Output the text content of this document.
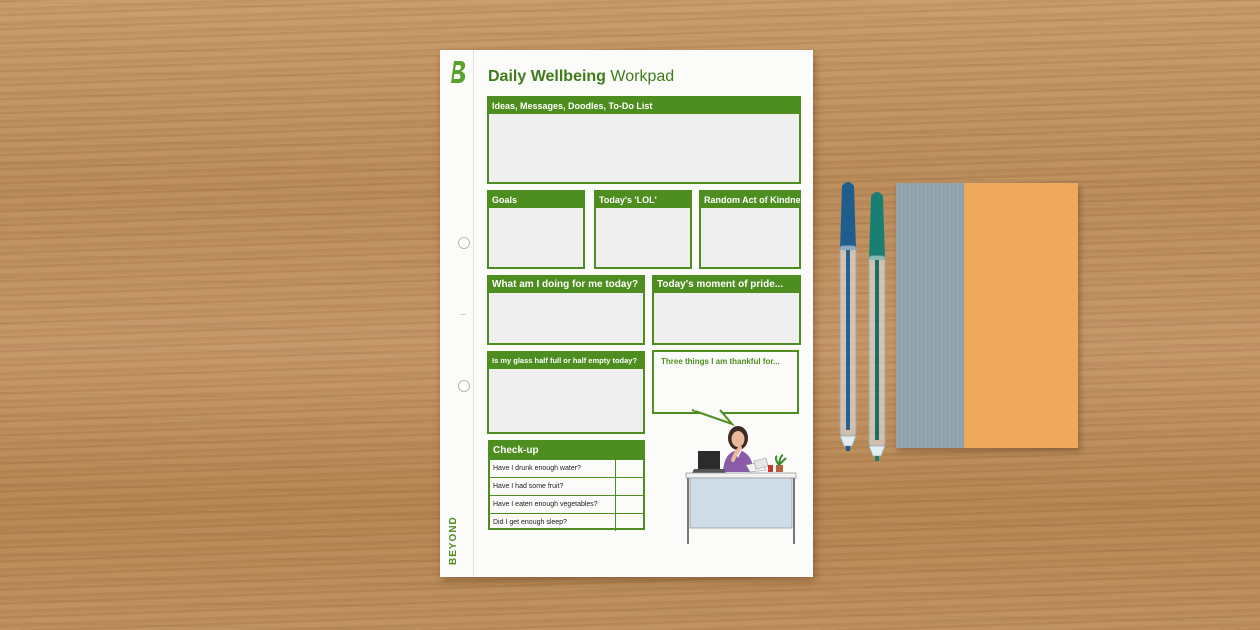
BEYOND
Daily Wellbeing Workpad
Ideas, Messages, Doodles, To-Do List
Goals	Today's 'LOL'	Random Act of Kindness
What am I doing for me today?	Today's moment of pride...
Is my glass half full or half empty today?	Three things I am thankful for...
Check-up
Have I drunk enough water?
Have I had some fruit?
Have I eaten enough vegetables?
Did I get enough sleep?
